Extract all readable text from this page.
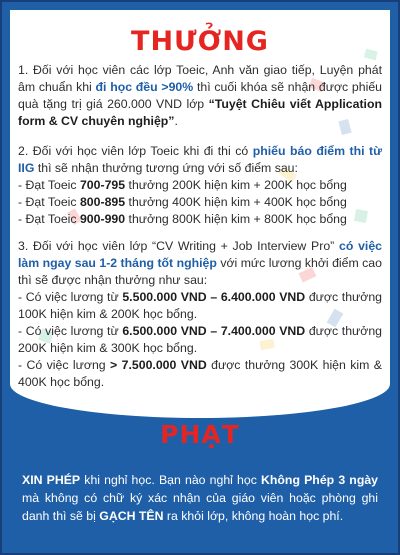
THƯỞNG
1. Đối với học viên các lớp Toeic, Anh văn giao tiếp, Luyện phát âm chuẩn khi đi học đều >90% thì cuối khóa sẽ nhận được phiếu quà tặng trị giá 260.000 VND lớp “Tuyệt Chiêu viết Application form & CV chuyên nghiệp”.
2. Đối với học viên lớp Toeic khi đi thi có phiếu báo điểm thi từ IIG thì sẽ nhận thưởng tương ứng với số điểm sau:
- Đạt Toeic 700-795 thưởng 200K hiện kim + 200K học bổng
- Đạt Toeic 800-895 thưởng 400K hiện kim + 400K học bổng
- Đạt Toeic 900-990 thưởng 800K hiện kim + 800K học bổng
3. Đối với học viên lớp “CV Writing + Job Interview Pro” có việc làm ngay sau 1-2 tháng tốt nghiệp với mức lương khởi điểm cao thì sẽ được nhận thưởng như sau:
- Có việc lương từ 5.500.000 VND – 6.400.000 VND được thưởng 100K hiện kim & 200K học bổng.
- Có việc lương từ 6.500.000 VND – 7.400.000 VND được thưởng 200K hiện kim & 300K học bổng.
- Có việc lương > 7.500.000 VND được thưởng 300K hiện kim & 400K học bổng.
PHẠT
XIN PHÉP khi nghỉ học. Bạn nào nghỉ học Không Phép 3 ngày mà không có chữ ký xác nhận của giáo viên hoặc phòng ghi danh thì sẽ bị GẠCH TÊN ra khỏi lớp, không hoàn học phí.
